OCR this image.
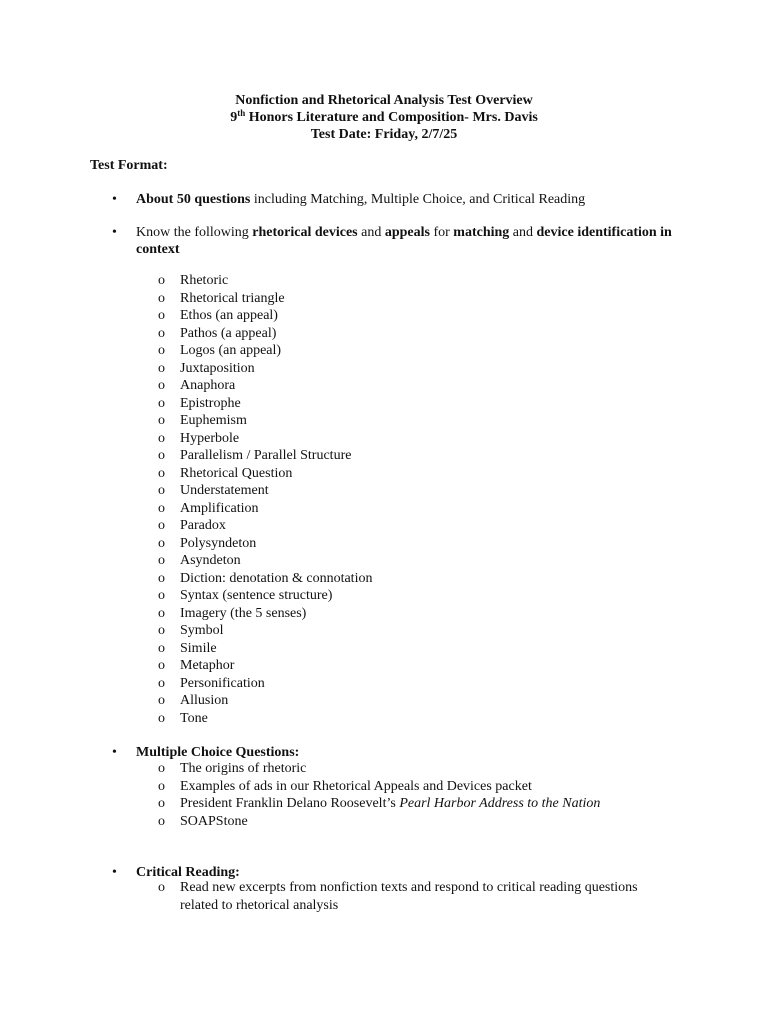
Nonfiction and Rhetorical Analysis Test Overview
9th Honors Literature and Composition- Mrs. Davis
Test Date: Friday, 2/7/25
Test Format:
• About 50 questions including Matching, Multiple Choice, and Critical Reading
• Know the following rhetorical devices and appeals for matching and device identification in context
o Rhetoric
o Rhetorical triangle
o Ethos (an appeal)
o Pathos (a appeal)
o Logos (an appeal)
o Juxtaposition
o Anaphora
o Epistrophe
o Euphemism
o Hyperbole
o Parallelism / Parallel Structure
o Rhetorical Question
o Understatement
o Amplification
o Paradox
o Polysyndeton
o Asyndeton
o Diction: denotation & connotation
o Syntax (sentence structure)
o Imagery (the 5 senses)
o Symbol
o Simile
o Metaphor
o Personification
o Allusion
o Tone
• Multiple Choice Questions:
o The origins of rhetoric
o Examples of ads in our Rhetorical Appeals and Devices packet
o President Franklin Delano Roosevelt’s Pearl Harbor Address to the Nation
o SOAPStone
• Critical Reading:
o Read new excerpts from nonfiction texts and respond to critical reading questions related to rhetorical analysis
